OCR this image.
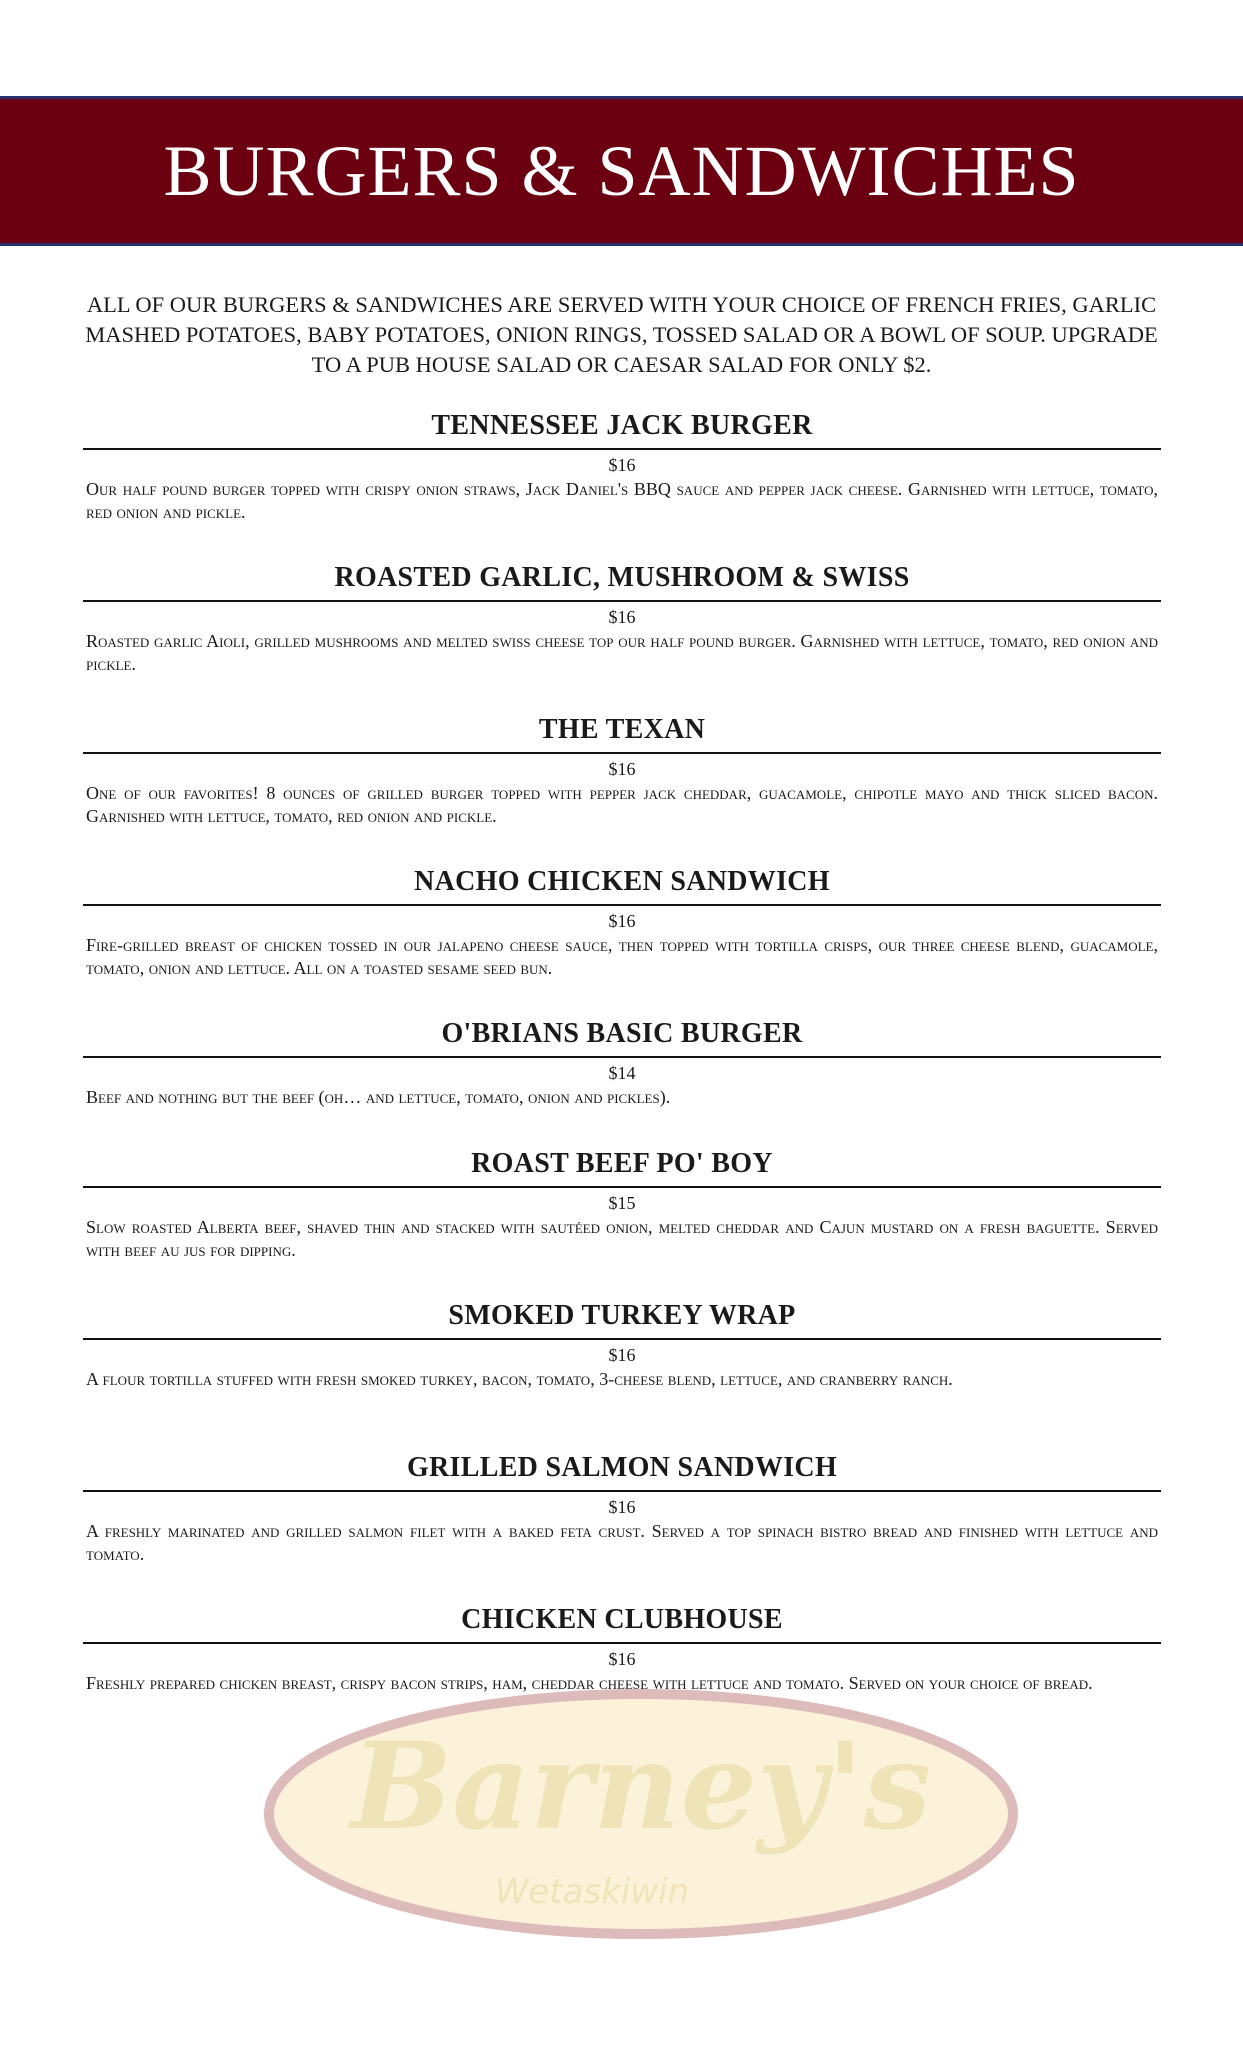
BURGERS & SANDWICHES
ALL OF OUR BURGERS & SANDWICHES ARE SERVED WITH YOUR CHOICE OF FRENCH FRIES, GARLIC MASHED POTATOES, BABY POTATOES, ONION RINGS, TOSSED SALAD OR A BOWL OF SOUP. UPGRADE TO A PUB HOUSE SALAD OR CAESAR SALAD FOR ONLY $2.
Barney's
Wetaskiwin
TENNESSEE JACK BURGER
$16
Our half pound burger topped with crispy onion straws, Jack Daniel's BBQ sauce and pepper jack cheese. Garnished with lettuce, tomato, red onion and pickle.
ROASTED GARLIC, MUSHROOM & SWISS
$16
Roasted garlic Aioli, grilled mushrooms and melted swiss cheese top our half pound burger. Garnished with lettuce, tomato, red onion and pickle.
THE TEXAN
$16
One of our favorites! 8 ounces of grilled burger topped with pepper jack cheddar, guacamole, chipotle mayo and thick sliced bacon. Garnished with lettuce, tomato, red onion and pickle.
NACHO CHICKEN SANDWICH
$16
Fire-grilled breast of chicken tossed in our jalapeno cheese sauce, then topped with tortilla crisps, our three cheese blend, guacamole, tomato, onion and lettuce. All on a toasted sesame seed bun.
O'BRIANS BASIC BURGER
$14
Beef and nothing but the beef (oh… and lettuce, tomato, onion and pickles).
ROAST BEEF PO' BOY
$15
Slow roasted Alberta beef, shaved thin and stacked with sautéed onion, melted cheddar and Cajun mustard on a fresh baguette. Served with beef au jus for dipping.
SMOKED TURKEY WRAP
$16
A flour tortilla stuffed with fresh smoked turkey, bacon, tomato, 3-cheese blend, lettuce, and cranberry ranch.
GRILLED SALMON SANDWICH
$16
A freshly marinated and grilled salmon filet with a baked feta crust. Served a top spinach bistro bread and finished with lettuce and tomato.
CHICKEN CLUBHOUSE
$16
Freshly prepared chicken breast, crispy bacon strips, ham, cheddar cheese with lettuce and tomato. Served on your choice of bread.
